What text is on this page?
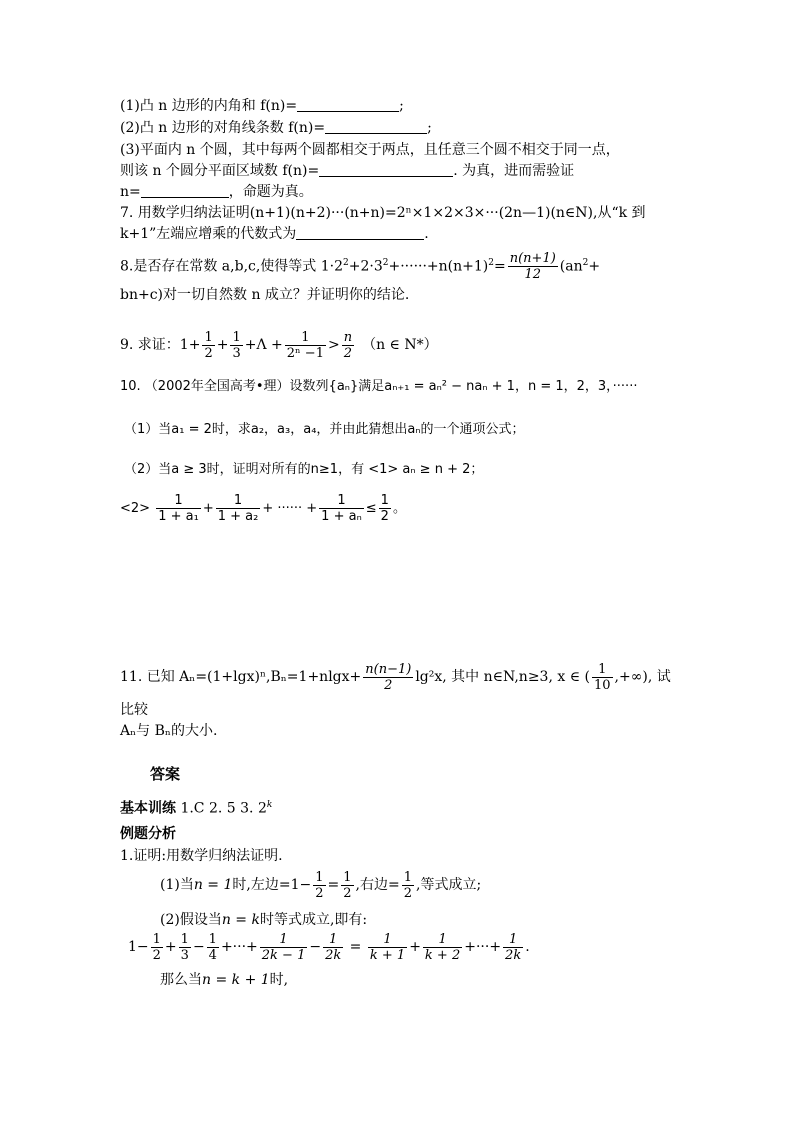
(1)凸 n 边形的内角和 f(n)=	;
(2)凸 n 边形的对角线条数 f(n)=	;
(3)平面内 n 个圆，其中每两个圆都相交于两点，且任意三个圆不相交于同一点，
则该 n 个圆分平面区域数 f(n)=	. 为真，进而需验证
n=	，命题为真。
7. 用数学归纳法证明(n+1)(n+2)···(n+n)=2ⁿ×1×2×3×···(2n—1)(n∈N),从“k 到
k+1”左端应增乘的代数式为	.
8.是否存在常数 a,b,c,使得等式 $1\cdot 2^2+2\cdot 3^2+\cdot\cdot\cdot\cdot\cdot\cdot+n(n+1)^2= \frac{n(n+1)}{12} (an^2+$
bn+c)对一切自然数 n 成立？并证明你的结论.
9. 求证：$1+ \frac{1}{2} + \frac{1}{3} +\Lambda + \frac{1}{\text{2ⁿ −1}} > \frac{n}{2} (n$ ∈ N*）
10. （2002年全国高考•理）设数列{aₙ}满足aₙ₊₁ = aₙ² − naₙ + 1，n = 1，2，3，······
（1）当a₁ = 2时，求a₂，a₃，a₄，并由此猜想出aₙ的一个通项公式；
（2）当a ≥ 3时，证明对所有的n≥1，有 <1> aₙ ≥ n + 2；
$<2> \frac{1}{\text{1 + a₁}} + \frac{1}{\text{1 + a₂}}$ + ······ + $\frac{1}{\text{1 + aₙ}} \le \frac{1}{2}$ 。
11. 已知 $A_n=(1+\lg x)^n,B_n=1+nlgx+ \frac{n(n-1)}{2} \lg^2x$, 其中 n∈N,n≥3, x ∈ ( $\frac{1}{10}$ ,+∞), 试
比较
Aₙ与 Bₙ的大小.
答案
基本训练 1.C 2. 5 3. 2$^k$
例题分析
1.证明:用数学归纳法证明.
(1)当n = 1时,左边$=1- \frac{1}{2} = \frac{1}{2}$ ,右边= $\frac{1}{2}$ ,等式成立;
(2)假设当n = k时等式成立,即有:
$1- \frac{1}{2} + \frac{1}{3} - \frac{1}{4}$ +···+ $\frac{1}{2k - 1} - \frac{1}{2k} = \frac{1}{k + 1} + \frac{1}{k + 2}$ +···+ $\frac{1}{2k}$ .
那么当n = k + 1时,
